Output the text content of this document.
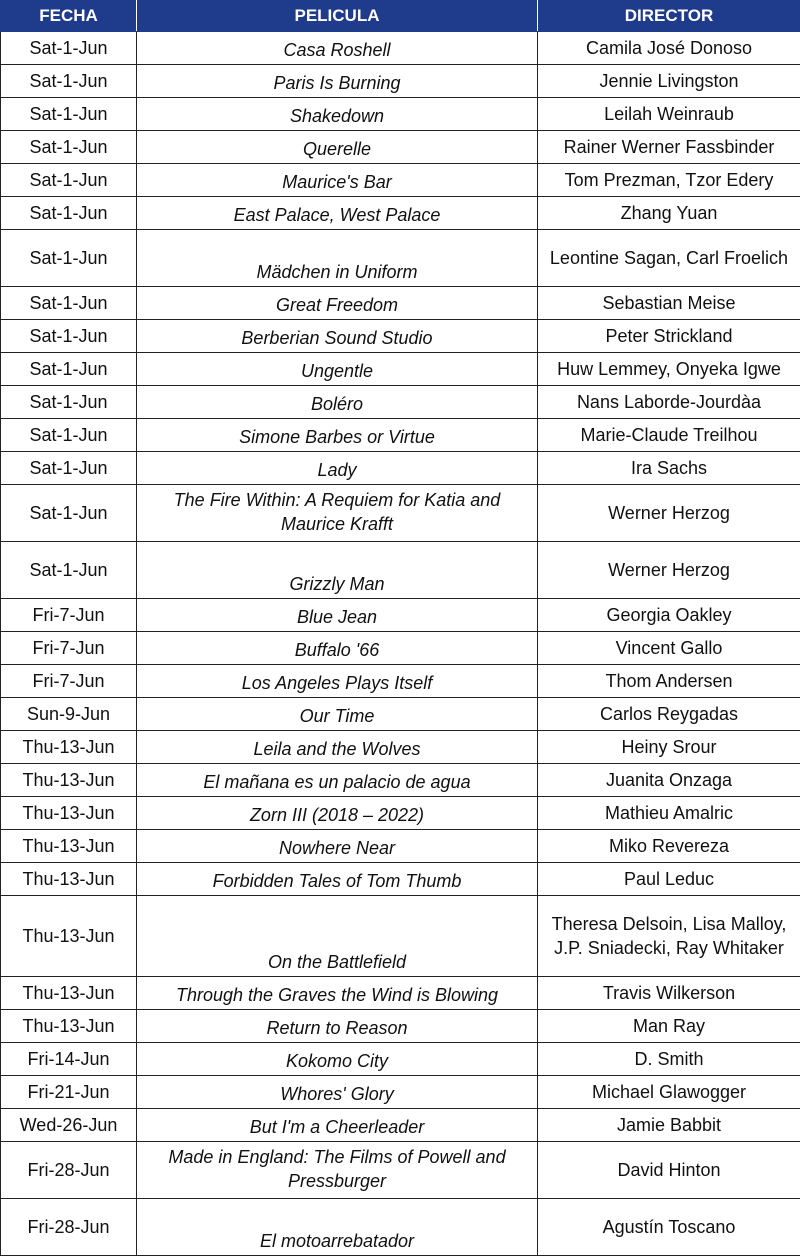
FECHA	PELICULA	DIRECTOR
Sat-1-Jun	Casa Roshell	Camila José Donoso
Sat-1-Jun	Paris Is Burning	Jennie Livingston
Sat-1-Jun	Shakedown	Leilah Weinraub
Sat-1-Jun	Querelle	Rainer Werner Fassbinder
Sat-1-Jun	Maurice's Bar	Tom Prezman, Tzor Edery
Sat-1-Jun	East Palace, West Palace	Zhang Yuan
Sat-1-Jun	Mädchen in Uniform	Leontine Sagan, Carl Froelich
Sat-1-Jun	Great Freedom	Sebastian Meise
Sat-1-Jun	Berberian Sound Studio	Peter Strickland
Sat-1-Jun	Ungentle	Huw Lemmey, Onyeka Igwe
Sat-1-Jun	Boléro	Nans Laborde-Jourdàa
Sat-1-Jun	Simone Barbes or Virtue	Marie-Claude Treilhou
Sat-1-Jun	Lady	Ira Sachs
Sat-1-Jun	The Fire Within: A Requiem for Katia and Maurice Krafft	Werner Herzog
Sat-1-Jun	Grizzly Man	Werner Herzog
Fri-7-Jun	Blue Jean	Georgia Oakley
Fri-7-Jun	Buffalo '66	Vincent Gallo
Fri-7-Jun	Los Angeles Plays Itself	Thom Andersen
Sun-9-Jun	Our Time	Carlos Reygadas
Thu-13-Jun	Leila and the Wolves	Heiny Srour
Thu-13-Jun	El mañana es un palacio de agua	Juanita Onzaga
Thu-13-Jun	Zorn III (2018 – 2022)	Mathieu Amalric
Thu-13-Jun	Nowhere Near	Miko Revereza
Thu-13-Jun	Forbidden Tales of Tom Thumb	Paul Leduc
Thu-13-Jun	On the Battlefield	Theresa Delsoin, Lisa Malloy, J.P. Sniadecki, Ray Whitaker
Thu-13-Jun	Through the Graves the Wind is Blowing	Travis Wilkerson
Thu-13-Jun	Return to Reason	Man Ray
Fri-14-Jun	Kokomo City	D. Smith
Fri-21-Jun	Whores' Glory	Michael Glawogger
Wed-26-Jun	But I'm a Cheerleader	Jamie Babbit
Fri-28-Jun	Made in England: The Films of Powell and Pressburger	David Hinton
Fri-28-Jun	El motoarrebatador	Agustín Toscano
